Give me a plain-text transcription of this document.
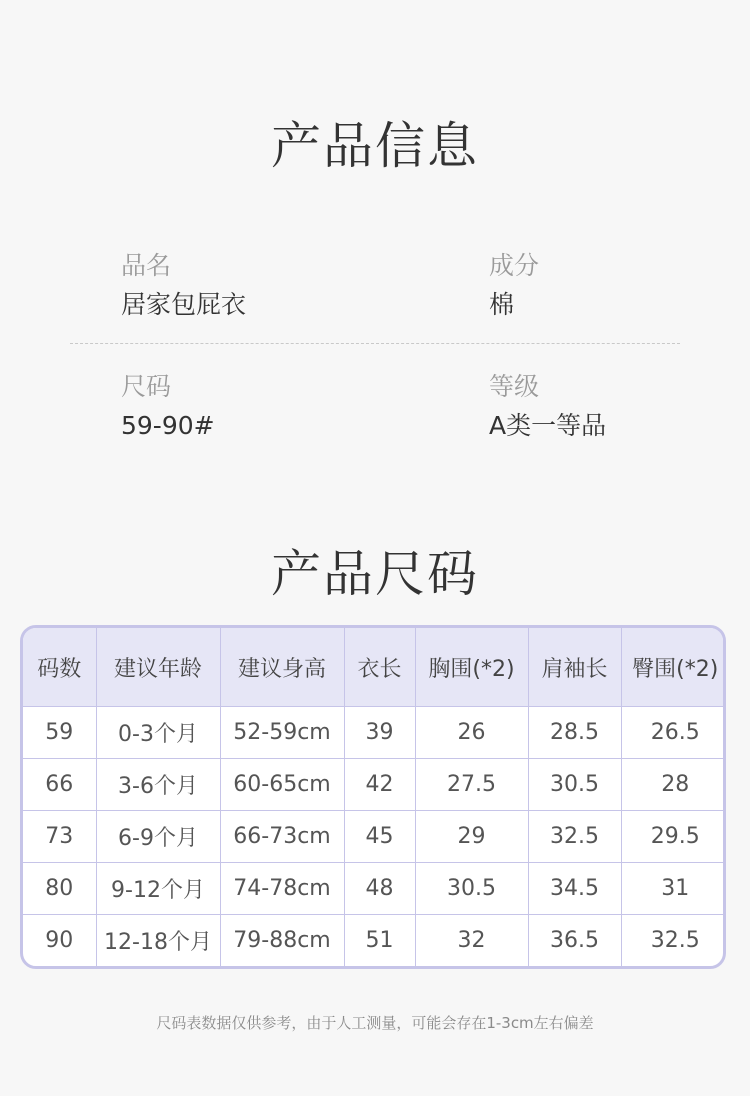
产品信息
品名
居家包屁衣
成分
棉
尺码
59-90#
等级
A类一等品
产品尺码
码数	建议年龄	建议身高	衣长	胸围(*2)	肩袖长	臀围(*2)
59	0-3个月	52-59cm	39	26	28.5	26.5
66	3-6个月	60-65cm	42	27.5	30.5	28
73	6-9个月	66-73cm	45	29	32.5	29.5
80	9-12个月	74-78cm	48	30.5	34.5	31
90	12-18个月	79-88cm	51	32	36.5	32.5
尺码表数据仅供参考，由于人工测量，可能会存在1-3cm左右偏差
